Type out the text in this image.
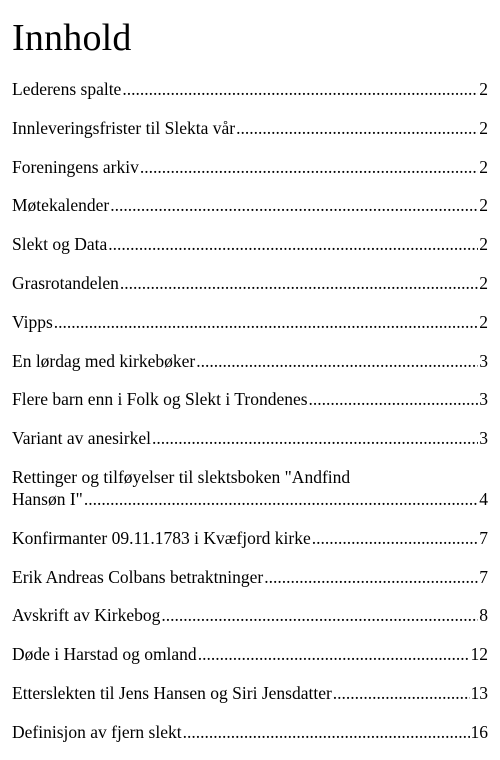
Innhold
Lederens spalte .....	2
Innleveringsfrister til Slekta vår .....	2
Foreningens arkiv .....	2
Møtekalender .....	2
Slekt og Data .....	2
Grasrotandelen .....	2
Vipps .....	2
En lørdag med kirkebøker .....	3
Flere barn enn i Folk og Slekt i Trondenes .....	3
Variant av anesirkel .....	3
Rettinger og tilføyelser til slektsboken "Andfind
Hansøn I" .....	4
Konfirmanter 09.11.1783 i Kvæfjord kirke .....	7
Erik Andreas Colbans betraktninger .....	7
Avskrift av Kirkebog .....	8
Døde i Harstad og omland .....	12
Etterslekten til Jens Hansen og Siri Jensdatter .....	13
Definisjon av fjern slekt .....	16
